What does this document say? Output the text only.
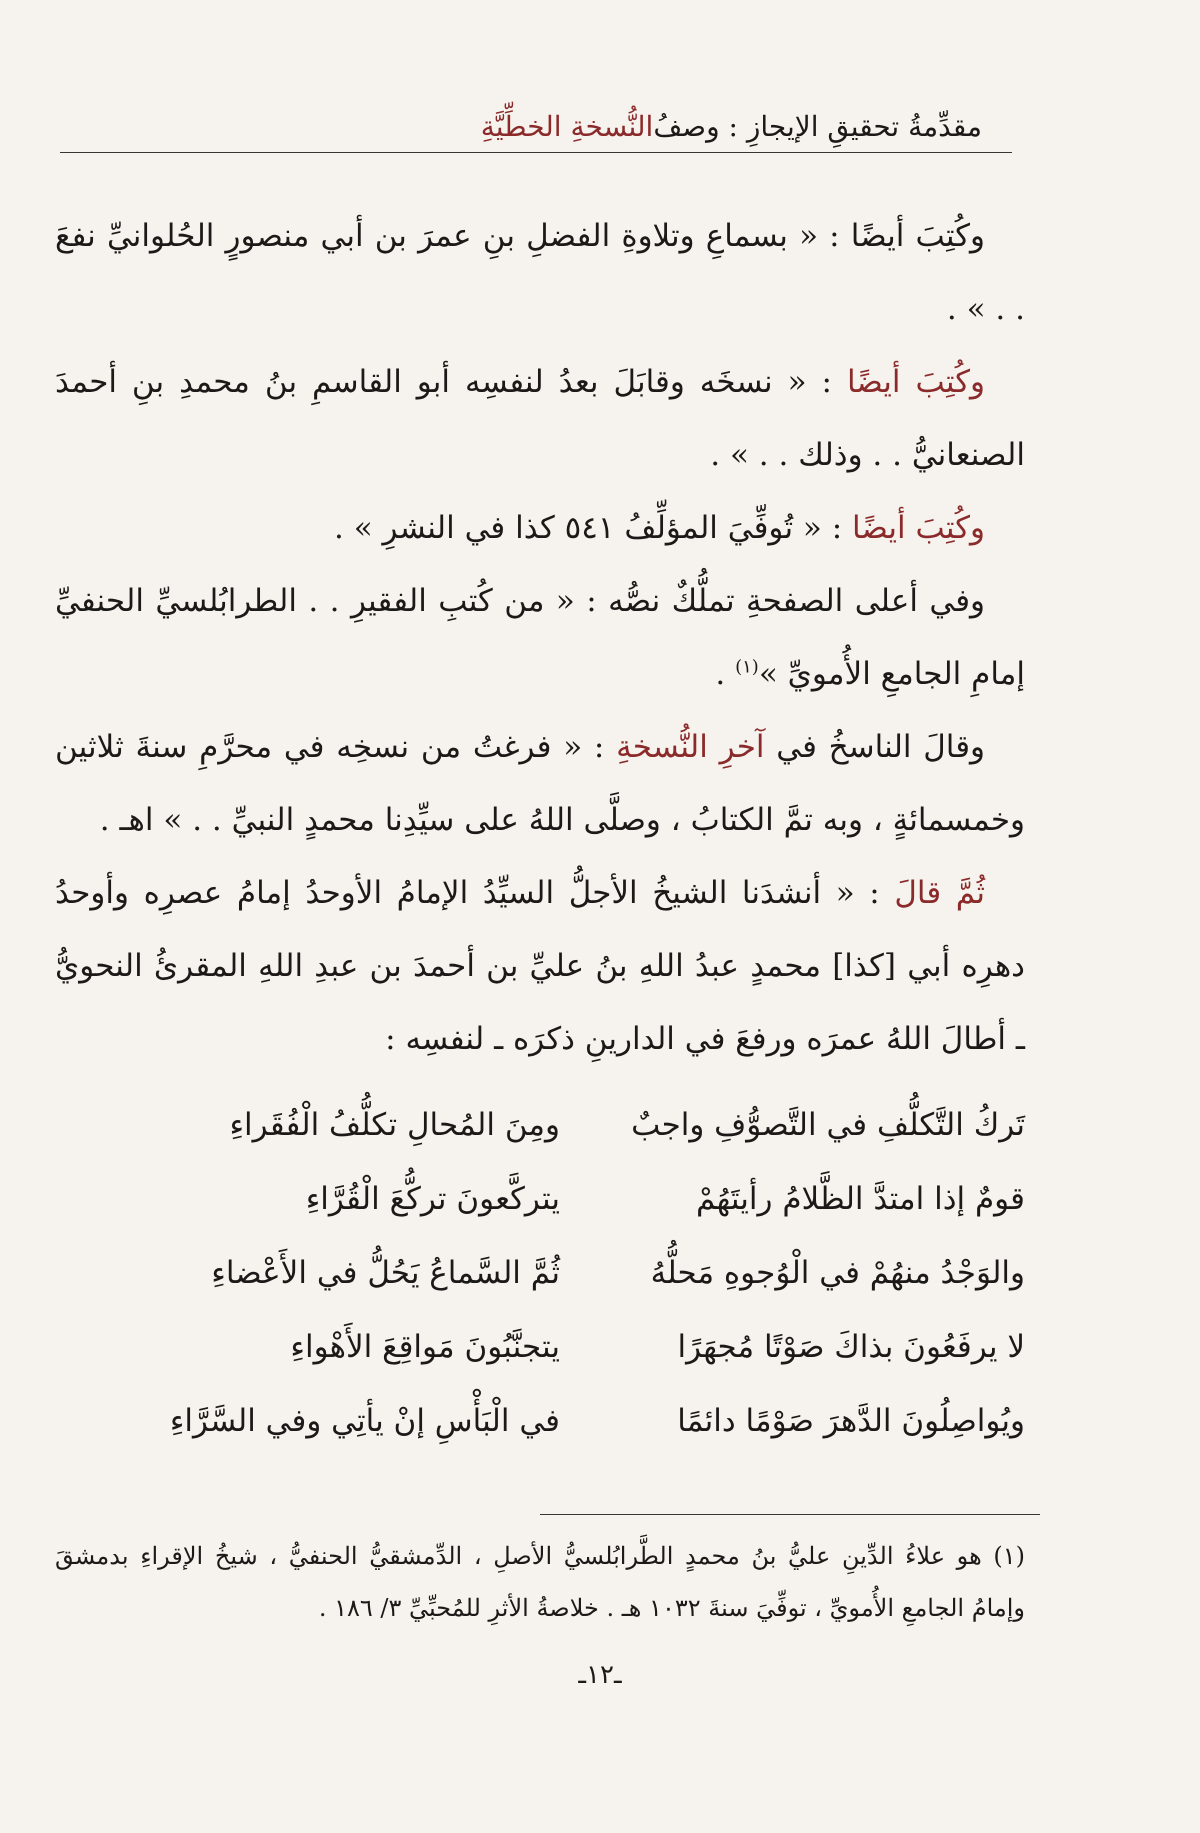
مقدِّمةُ تحقيقِ الإيجازِ : وصفُ
النُّسخةِ الخطِّيَّةِ

وكُتِبَ أيضًا : « بسماعِ وتلاوةِ الفضلِ بنِ عمرَ بن أبي منصورٍ الحُلوانيِّ نفعَ . . » .

وكُتِبَ أيضًا : « نسخَه وقابَلَ بعدُ لنفسِه أبو القاسمِ بنُ محمدِ بنِ أحمدَ الصنعانيُّ . . وذلك . . » .

وكُتِبَ أيضًا : « تُوفِّيَ المؤلِّفُ ٥٤١ كذا في النشرِ » .

وفي أعلى الصفحةِ تملُّكٌ نصُّه : « من كُتبِ الفقيرِ . . الطرابُلسيِّ الحنفيِّ إمامِ الجامعِ الأُمويِّ »$^{(١)}$ .

وقالَ الناسخُ في آخرِ النُّسخةِ : « فرغتُ من نسخِه في محرَّمِ سنةَ ثلاثين وخمسمائةٍ ، وبه تمَّ الكتابُ ، وصلَّى اللهُ على سيِّدِنا محمدٍ النبيِّ . . » اهـ .

ثُمَّ قالَ : « أنشدَنا الشيخُ الأجلُّ السيِّدُ الإمامُ الأوحدُ إمامُ عصرِه وأوحدُ دهرِه أبي [كذا] محمدٍ عبدُ اللهِ بنُ عليِّ بن أحمدَ بن عبدِ اللهِ المقرئُ النحويُّ ـ أطالَ اللهُ عمرَه ورفعَ في الدارينِ ذكرَه ـ لنفسِه :

تَركُ التَّكلُّفِ في التَّصوُّفِ واجبٌ
ومِنَ المُحالِ تكلُّفُ الْفُقَراءِ
قومٌ إذا امتدَّ الظَّلامُ رأيتَهُمْ
يتركَّعونَ تركُّعَ الْقُرَّاءِ
والوَجْدُ منهُمْ في الْوُجوهِ مَحلُّهُ
ثُمَّ السَّماعُ يَحُلُّ في الأَعْضاءِ
لا يرفَعُونَ بذاكَ صَوْتًا مُجهَرًا
يتجنَّبُونَ مَواقِعَ الأَهْواءِ
ويُواصِلُونَ الدَّهرَ صَوْمًا دائمًا
في الْبَأْسِ إنْ يأتِي وفي السَّرَّاءِ
(١) هو علاءُ الدِّينِ عليُّ بنُ محمدٍ الطَّرابُلسيُّ الأصلِ ، الدِّمشقيُّ الحنفيُّ ، شيخُ الإقراءِ بدمشقَ وإمامُ الجامعِ الأُمويِّ ، توفِّيَ سنةَ ١٠٣٢ هـ . خلاصةُ الأثرِ للمُحبِّيِّ ٣/ ١٨٦ .
ـ١٢ـ
